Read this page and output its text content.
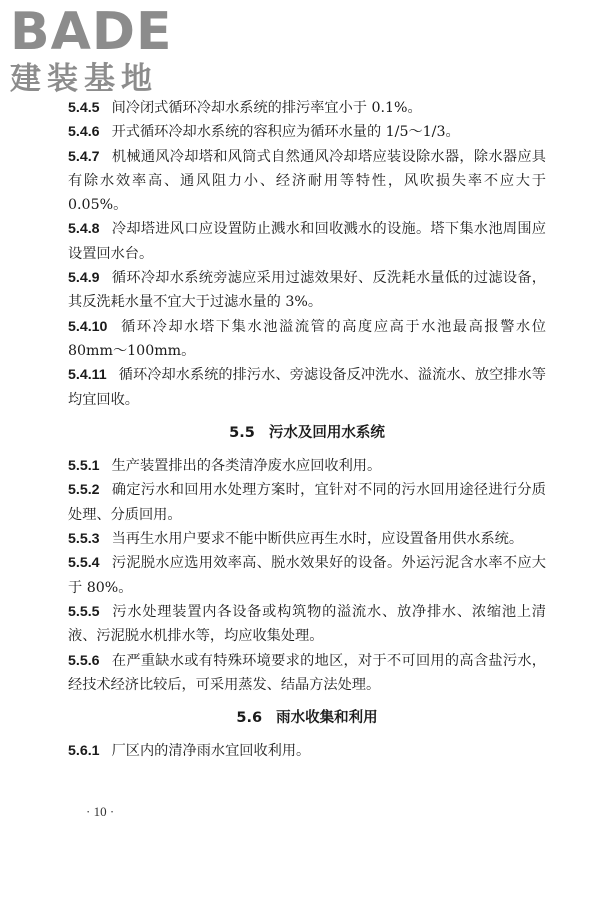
BADE
建装基地

5.4.5 间冷闭式循环冷却水系统的排污率宜小于 0.1%。

5.4.6 开式循环冷却水系统的容积应为循环水量的 1/5～1/3。

5.4.7 机械通风冷却塔和风筒式自然通风冷却塔应装设除水器，除水器应具有除水效率高、通风阻力小、经济耐用等特性，风吹损失率不应大于 0.05%。

5.4.8 冷却塔进风口应设置防止溅水和回收溅水的设施。塔下集水池周围应设置回水台。

5.4.9 循环冷却水系统旁滤应采用过滤效果好、反洗耗水量低的过滤设备，其反洗耗水量不宜大于过滤水量的 3%。

5.4.10 循环冷却水塔下集水池溢流管的高度应高于水池最高报警水位 80mm～100mm。

5.4.11 循环冷却水系统的排污水、旁滤设备反冲洗水、溢流水、放空排水等均宜回收。

5.5 污水及回用水系统

5.5.1 生产装置排出的各类清净废水应回收利用。

5.5.2 确定污水和回用水处理方案时，宜针对不同的污水回用途径进行分质处理、分质回用。

5.5.3 当再生水用户要求不能中断供应再生水时，应设置备用供水系统。

5.5.4 污泥脱水应选用效率高、脱水效果好的设备。外运污泥含水率不应大于 80%。

5.5.5 污水处理装置内各设备或构筑物的溢流水、放净排水、浓缩池上清液、污泥脱水机排水等，均应收集处理。

5.5.6 在严重缺水或有特殊环境要求的地区，对于不可回用的高含盐污水，经技术经济比较后，可采用蒸发、结晶方法处理。

5.6 雨水收集和利用

5.6.1 厂区内的清净雨水宜回收利用。

· 10 ·
